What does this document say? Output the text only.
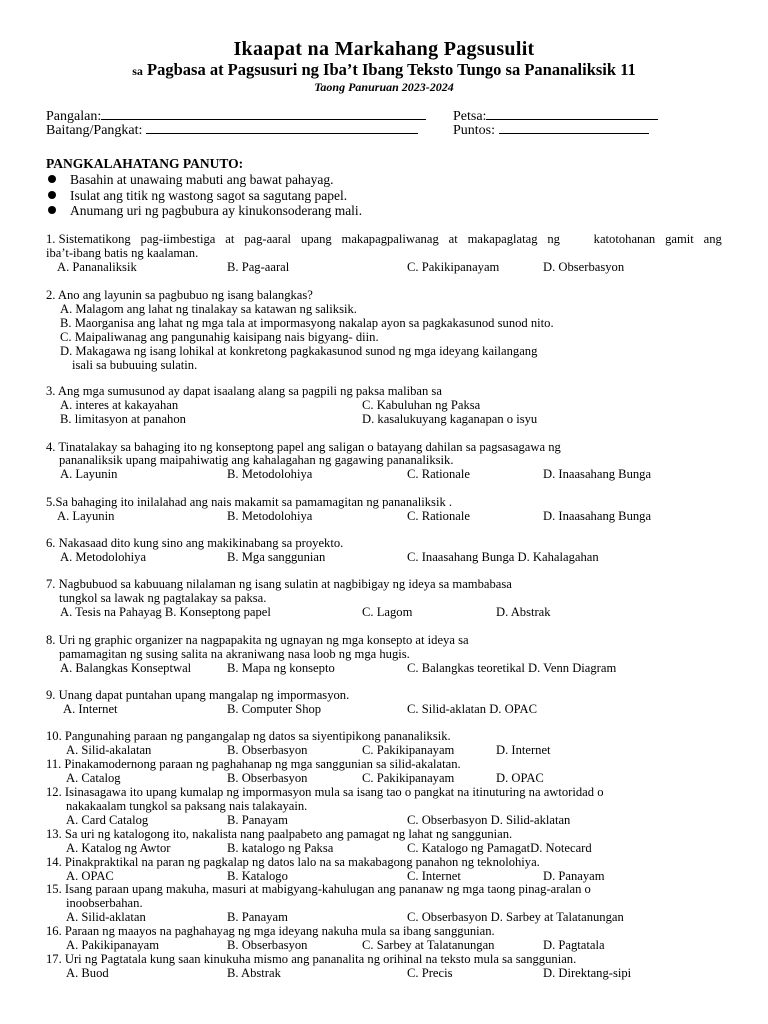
Ikaapat na Markahang Pagsusulit
sa Pagbasa at Pagsusuri ng Iba’t Ibang Teksto Tungo sa Pananaliksik 11
Taong Panuruan 2023-2024
Pangalan:	Petsa:
Baitang/Pangkat:	Puntos:
PANGKALAHATANG PANUTO:
Basahin at unawaing mabuti ang bawat pahayag.
Isulat ang titik ng wastong sagot sa sagutang papel.
Anumang uri ng pagbubura ay kinukonsoderang mali.
1. Sistematikong pag-iimbestiga at pag-aaral upang makapagpaliwanag at makapaglatag ng	katotohanan gamit ang
iba’t-ibang batis ng kaalaman.
A. Pananaliksik	B. Pag-aaral	C. Pakikipanayam	D. Obserbasyon
2. Ano ang layunin sa pagbubuo ng isang balangkas?
A. Malagom ang lahat ng tinalakay sa katawan ng saliksik.
B. Maorganisa ang lahat ng mga tala at impormasyong nakalap ayon sa pagkakasunod sunod nito.
C. Maipaliwanag ang pangunahig kaisipang nais bigyang- diin.
D. Makagawa ng isang lohikal at konkretong pagkakasunod sunod ng mga ideyang kailangang
isali sa bubuuing sulatin.
3. Ang mga sumusunod ay dapat isaalang alang sa pagpili ng paksa maliban sa
A. interes at kakayahan	C. Kabuluhan ng Paksa
B. limitasyon at panahon	D. kasalukuyang kaganapan o isyu
4. Tinatalakay sa bahaging ito ng konseptong papel ang saligan o batayang dahilan sa pagsasagawa ng
pananaliksik upang maipahiwatig ang kahalagahan ng gagawing pananaliksik.
A. Layunin	B. Metodolohiya	C. Rationale	D. Inaasahang Bunga
5.Sa bahaging ito inilalahad ang nais makamit sa pamamagitan ng pananaliksik .
A. Layunin	B. Metodolohiya	C. Rationale	D. Inaasahang Bunga
6. Nakasaad dito kung sino ang makikinabang sa proyekto.
A. Metodolohiya	B. Mga sanggunian	C. Inaasahang Bunga D. Kahalagahan
7. Nagbubuod sa kabuuang nilalaman ng isang sulatin at nagbibigay ng ideya sa mambabasa
tungkol sa lawak ng pagtalakay sa paksa.
A. Tesis na Pahayag B. Konseptong papel	C. Lagom	D. Abstrak
8. Uri ng graphic organizer na nagpapakita ng ugnayan ng mga konsepto at ideya sa
pamamagitan ng susing salita na akraniwang nasa loob ng mga hugis.
A. Balangkas Konseptwal	B. Mapa ng konsepto	C. Balangkas teoretikal D. Venn Diagram
9. Unang dapat puntahan upang mangalap ng impormasyon.
A. Internet	B. Computer Shop	C. Silid-aklatan D. OPAC
10. Pangunahing paraan ng pangangalap ng datos sa siyentipikong pananaliksik.
A. Silid-akalatan	B. Obserbasyon	C. Pakikipanayam	D. Internet
11. Pinakamodernong paraan ng paghahanap ng mga sanggunian sa silid-akalatan.
A. Catalog	B. Obserbasyon	C. Pakikipanayam	D. OPAC
12. Isinasagawa ito upang kumalap ng impormasyon mula sa isang tao o pangkat na itinuturing na awtoridad o
nakakaalam tungkol sa paksang nais talakayain.
A. Card Catalog	B. Panayam	C. Obserbasyon D. Silid-aklatan
13. Sa uri ng katalogong ito, nakalista nang paalpabeto ang pamagat ng lahat ng sanggunian.
A. Katalog ng Awtor	B. katalogo ng Paksa	C. Katalogo ng PamagatD. Notecard
14. Pinakpraktikal na paran ng pagkalap ng datos lalo na sa makabagong panahon ng teknolohiya.
A. OPAC	B. Katalogo	C. Internet	D. Panayam
15. Isang paraan upang makuha, masuri at mabigyang-kahulugan ang pananaw ng mga taong pinag-aralan o
inoobserbahan.
A. Silid-aklatan	B. Panayam	C. Obserbasyon D. Sarbey at Talatanungan
16. Paraan ng maayos na paghahayag ng mga ideyang nakuha mula sa ibang sanggunian.
A. Pakikipanayam	B. Obserbasyon	C. Sarbey at Talatanungan	D. Pagtatala
17. Uri ng Pagtatala kung saan kinukuha mismo ang pananalita ng orihinal na teksto mula sa sanggunian.
A. Buod	B. Abstrak	C. Precis	D. Direktang-sipi
